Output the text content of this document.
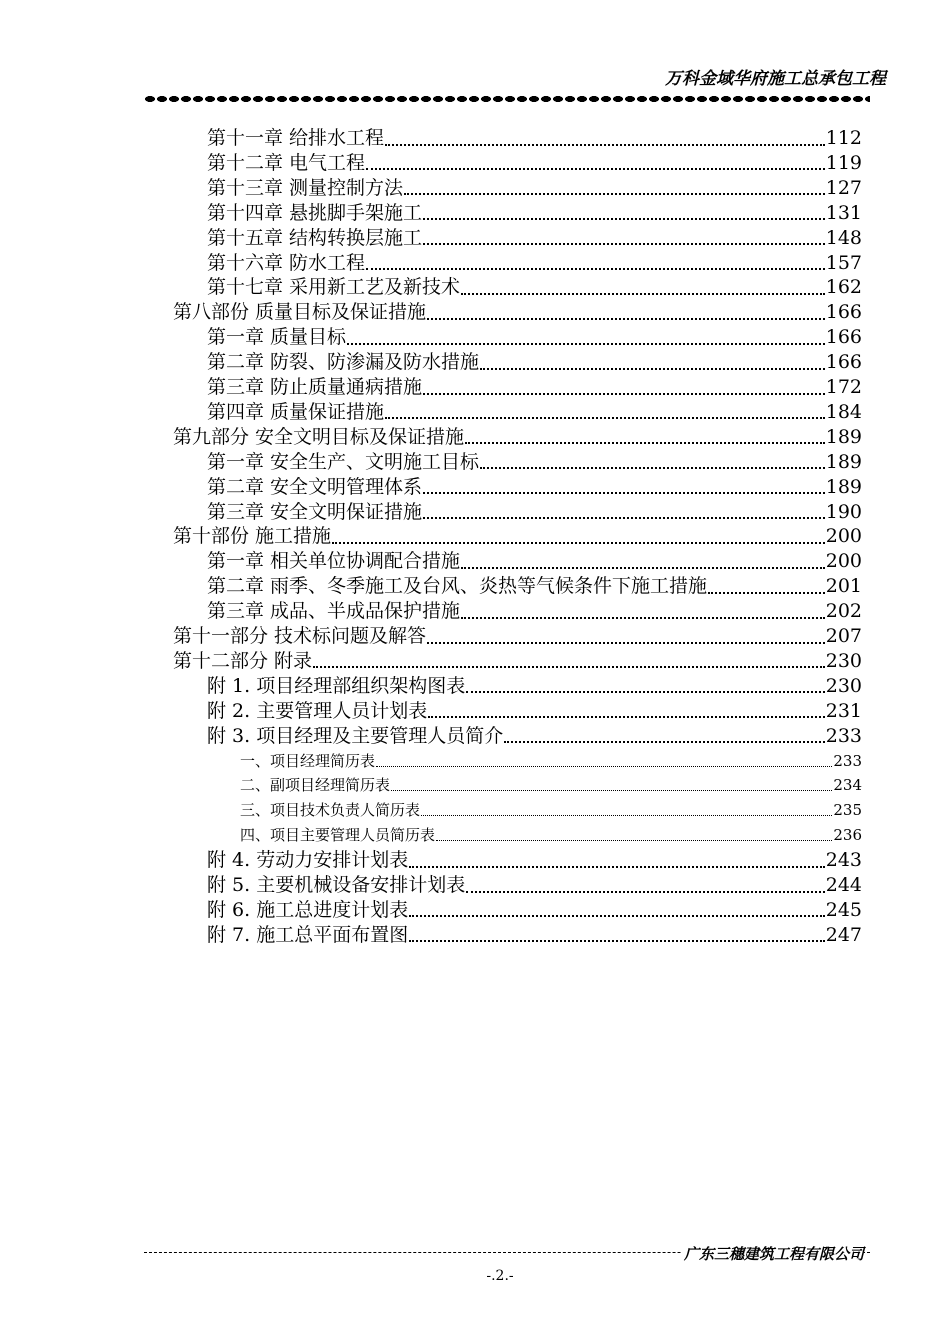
万科金域华府施工总承包工程
第十一章 给排水工程	112
第十二章 电气工程	119
第十三章 测量控制方法	127
第十四章 悬挑脚手架施工	131
第十五章 结构转换层施工	148
第十六章 防水工程	157
第十七章 采用新工艺及新技术	162
第八部份 质量目标及保证措施	166
第一章 质量目标	166
第二章 防裂、防渗漏及防水措施	166
第三章 防止质量通病措施	172
第四章 质量保证措施	184
第九部分 安全文明目标及保证措施	189
第一章 安全生产、文明施工目标	189
第二章 安全文明管理体系	189
第三章 安全文明保证措施	190
第十部份 施工措施	200
第一章 相关单位协调配合措施	200
第二章 雨季、冬季施工及台风、炎热等气候条件下施工措施	201
第三章 成品、半成品保护措施	202
第十一部分 技术标问题及解答	207
第十二部分 附录	230
附 1. 项目经理部组织架构图表	230
附 2. 主要管理人员计划表	231
附 3. 项目经理及主要管理人员简介	233
一、项目经理简历表	233
二、副项目经理简历表	234
三、项目技术负责人简历表	235
四、项目主要管理人员简历表	236
附 4. 劳动力安排计划表	243
附 5. 主要机械设备安排计划表	244
附 6. 施工总进度计划表	245
附 7. 施工总平面布置图	247
广东三穗建筑工程有限公司
-.2.-
